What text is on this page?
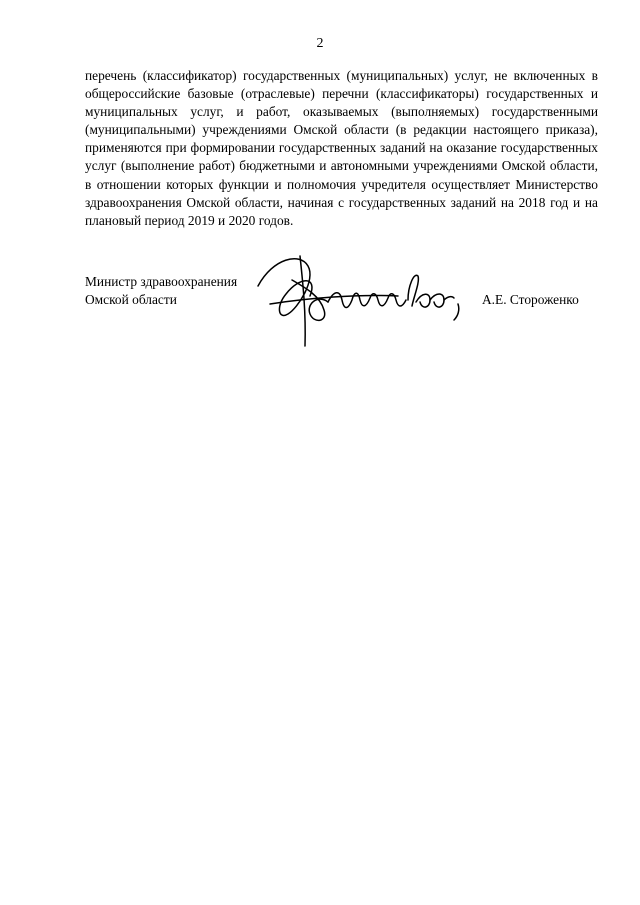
2

перечень (классификатор) государственных (муниципальных) услуг, не включенных в общероссийские базовые (отраслевые) перечни (классификаторы) государственных и муниципальных услуг, и работ, оказываемых (выполняемых) государственными (муниципальными) учреждениями Омской области (в редакции настоящего приказа), применяются при формировании государственных заданий на оказание государственных услуг (выполнение работ) бюджетными и автономными учреждениями Омской области, в отношении которых функции и полномочия учредителя осуществляет Министерство здравоохранения Омской области, начиная с государственных заданий на 2018 год и на плановый период 2019 и 2020 годов.

Министр здравоохранения
Омской области	А.Е. Стороженко
